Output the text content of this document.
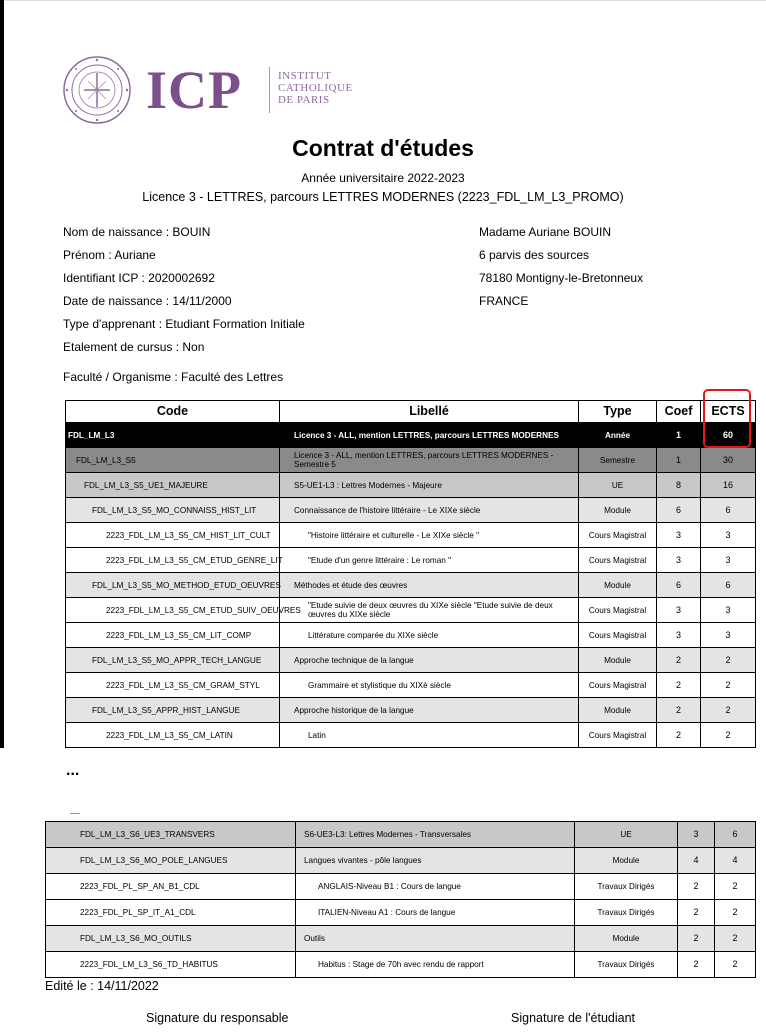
ICP	INSTITUT
CATHOLIQUE
DE PARIS
Contrat d'études
Année universitaire 2022-2023
Licence 3 - LETTRES, parcours LETTRES MODERNES (2223_FDL_LM_L3_PROMO)
Nom de naissance : BOUIN
Prénom : Auriane
Identifiant ICP : 2020002692
Date de naissance : 14/11/2000
Type d'apprenant : Etudiant Formation Initiale
Etalement de cursus : Non
Madame Auriane BOUIN
6 parvis des sources
78180 Montigny-le-Bretonneux
FRANCE
Faculté / Organisme : Faculté des Lettres
Code	Libellé	Type	Coef	ECTS
FDL_LM_L3	Licence 3 - ALL, mention LETTRES, parcours LETTRES MODERNES	Année	1	60
FDL_LM_L3_S5	Licence 3 - ALL, mention LETTRES, parcours LETTRES MODERNES - Semestre 5	Semestre	1	30
FDL_LM_L3_S5_UE1_MAJEURE	S5-UE1-L3 : Lettres Modernes - Majeure	UE	8	16
FDL_LM_L3_S5_MO_CONNAISS_HIST_LIT	Connaissance de l'histoire littéraire - Le XIXe siècle	Module	6	6
2223_FDL_LM_L3_S5_CM_HIST_LIT_CULT	"Histoire littéraire et culturelle - Le XIXe siècle "	Cours Magistral	3	3
2223_FDL_LM_L3_S5_CM_ETUD_GENRE_LIT	"Etude d'un genre littéraire : Le roman "	Cours Magistral	3	3
FDL_LM_L3_S5_MO_METHOD_ETUD_OEUVRES	Méthodes et étude des œuvres	Module	6	6
2223_FDL_LM_L3_S5_CM_ETUD_SUIV_OEUVRES	"Etude suivie de deux œuvres du XIXe siècle "Etude suivie de deux œuvres du XIXe siècle	Cours Magistral	3	3
2223_FDL_LM_L3_S5_CM_LIT_COMP	Littérature comparée du XIXe siècle	Cours Magistral	3	3
FDL_LM_L3_S5_MO_APPR_TECH_LANGUE	Approche technique de la langue	Module	2	2
2223_FDL_LM_L3_S5_CM_GRAM_STYL	Grammaire et stylistique du XIXè siècle	Cours Magistral	2	2
FDL_LM_L3_S5_APPR_HIST_LANGUE	Approche historique de la langue	Module	2	2
2223_FDL_LM_L3_S5_CM_LATIN	Latin	Cours Magistral	2	2
...
FDL_LM_L3_S6_UE3_TRANSVERS	S6-UE3-L3: Lettres Modernes - Transversales	UE	3	6
FDL_LM_L3_S6_MO_POLE_LANGUES	Langues vivantes - pôle langues	Module	4	4
2223_FDL_PL_SP_AN_B1_CDL	ANGLAIS-Niveau B1 : Cours de langue	Travaux Dirigés	2	2
2223_FDL_PL_SP_IT_A1_CDL	ITALIEN-Niveau A1 : Cours de langue	Travaux Dirigés	2	2
FDL_LM_L3_S6_MO_OUTILS	Outils	Module	2	2
2223_FDL_LM_L3_S6_TD_HABITUS	Habitus : Stage de 70h avec rendu de rapport	Travaux Dirigés	2	2
Edité le : 14/11/2022
Signature du responsable	Signature de l'étudiant
